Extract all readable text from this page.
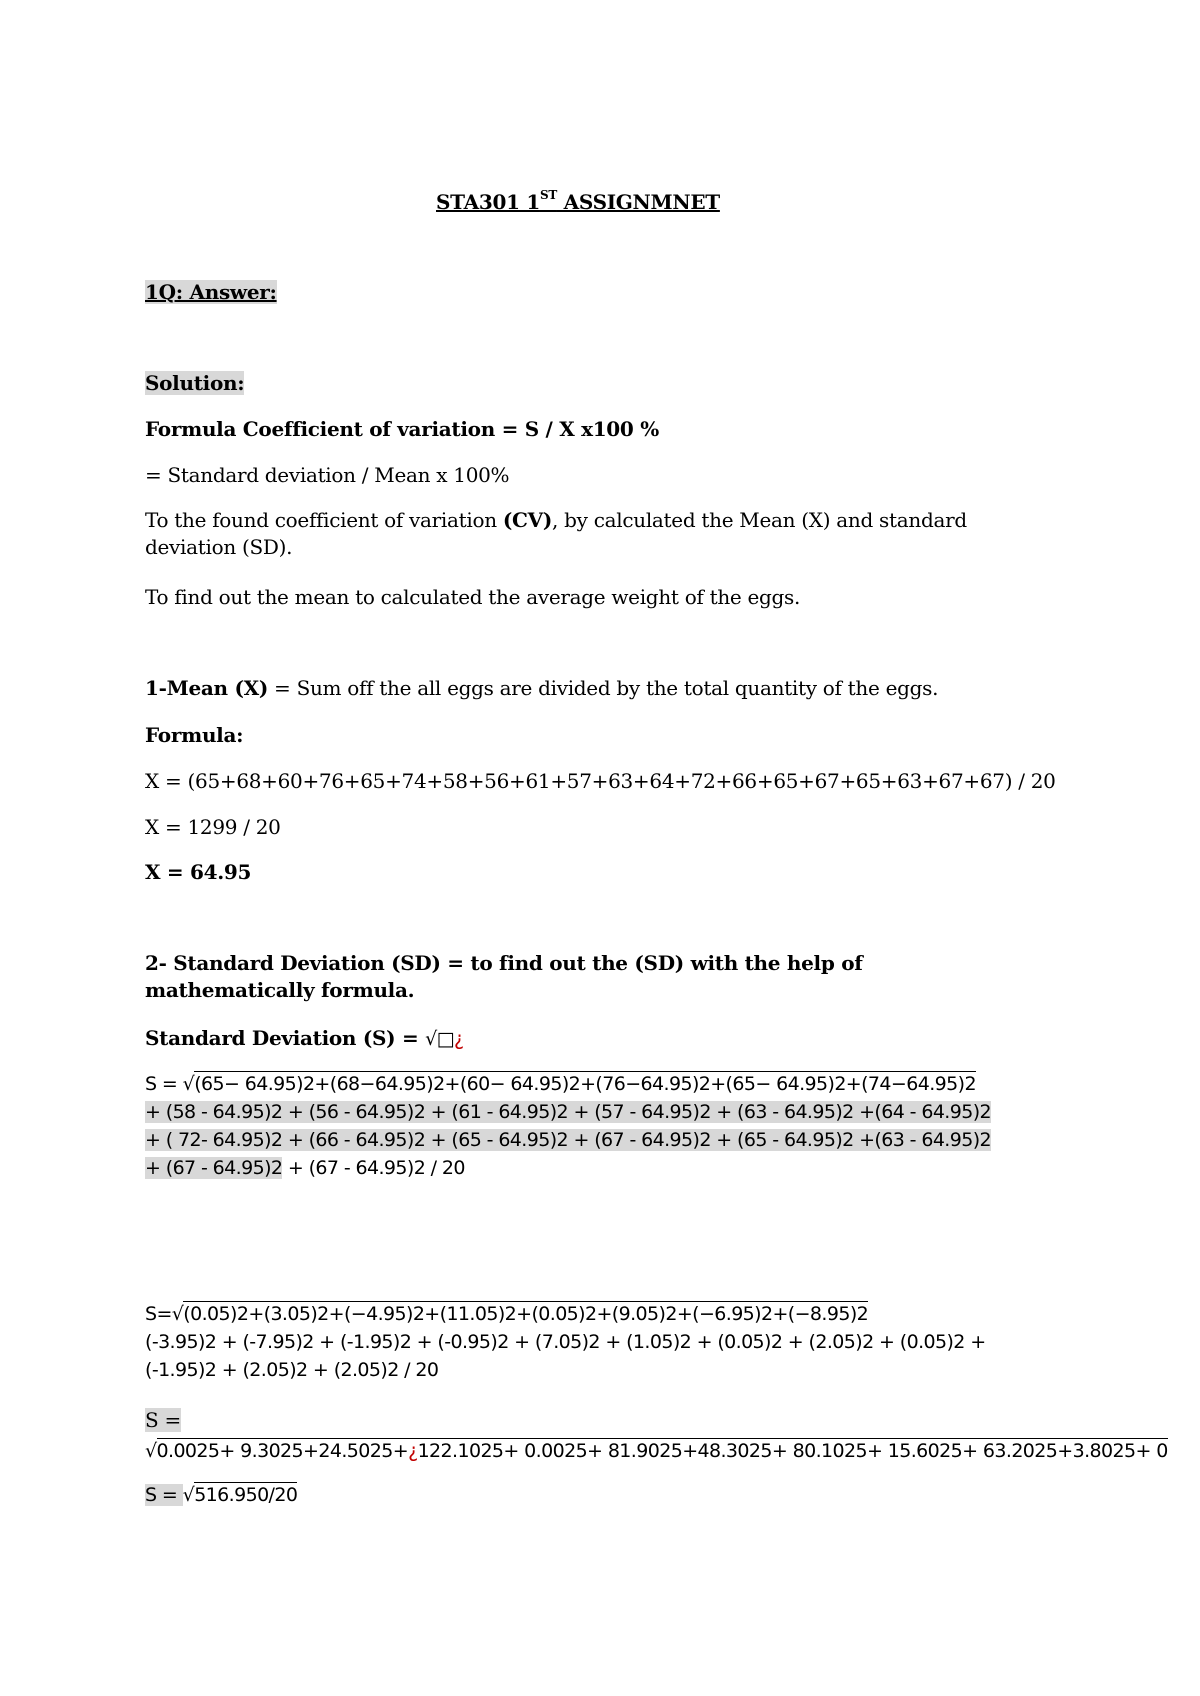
STA301 1ST ASSIGNMNET
1Q: Answer:
Solution:
Formula Coefficient of variation = S / X x100 %
= Standard deviation / Mean x 100%
To the found coefficient of variation (CV), by calculated the Mean (X) and standard deviation (SD).
To find out the mean to calculated the average weight of the eggs.
1-Mean (X) = Sum off the all eggs are divided by the total quantity of the eggs.
Formula:
X = (65+68+60+76+65+74+58+56+61+57+63+64+72+66+65+67+65+63+67+67) / 20
X = 1299 / 20
X = 64.95
2- Standard Deviation (SD) = to find out the (SD) with the help of mathematically formula.
Standard Deviation (S) = √□¿
S = √(65− 64.95)2+(68−64.95)2+(60− 64.95)2+(76−64.95)2+(65− 64.95)2+(74−64.95)2
+ (58 - 64.95)2 + (56 - 64.95)2 + (61 - 64.95)2 + (57 - 64.95)2 + (63 - 64.95)2 +(64 - 64.95)2
+ ( 72- 64.95)2 + (66 - 64.95)2 + (65 - 64.95)2 + (67 - 64.95)2 + (65 - 64.95)2 +(63 - 64.95)2
+ (67 - 64.95)2 + (67 - 64.95)2 / 20
S=√(0.05)2+(3.05)2+(−4.95)2+(11.05)2+(0.05)2+(9.05)2+(−6.95)2+(−8.95)2
(-3.95)2 + (-7.95)2 + (-1.95)2 + (-0.95)2 + (7.05)2 + (1.05)2 + (0.05)2 + (2.05)2 + (0.05)2 +
(-1.95)2 + (2.05)2 + (2.05)2 / 20
S =
√0.0025+ 9.3025+24.5025+¿122.1025+ 0.0025+ 81.9025+48.3025+ 80.1025+ 15.6025+ 63.2025+3.8025+ 0
S = √516.950/20
